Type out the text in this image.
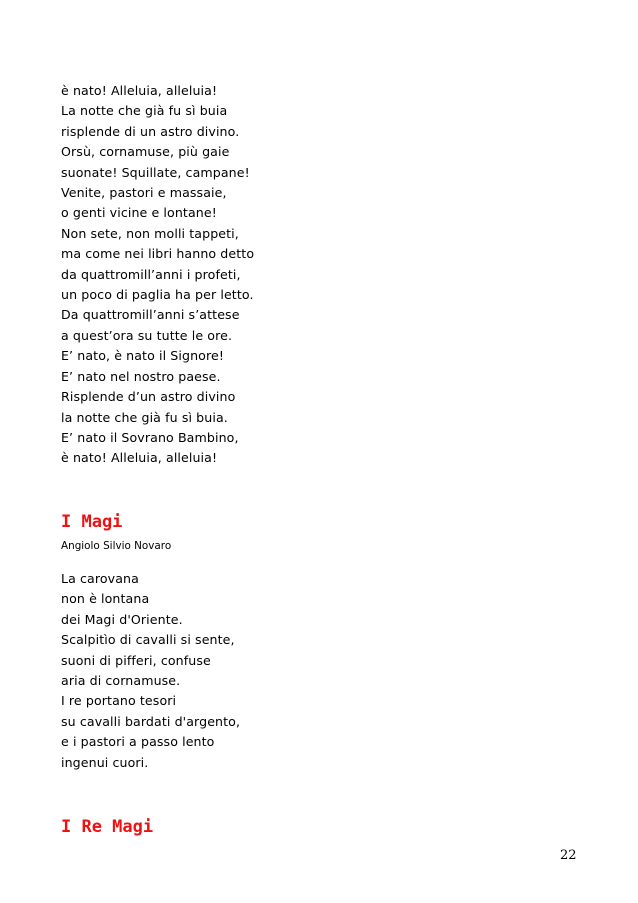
è nato! Alleluia, alleluia!
La notte che già fu sì buia
risplende di un astro divino.
Orsù, cornamuse, più gaie
suonate! Squillate, campane!
Venite, pastori e massaie,
o genti vicine e lontane!
Non sete, non molli tappeti,
ma come nei libri hanno detto
da quattromill’anni i profeti,
un poco di paglia ha per letto.
Da quattromill’anni s’attese
a quest’ora su tutte le ore.
E’ nato, è nato il Signore!
E’ nato nel nostro paese.
Risplende d’un astro divino
la notte che già fu sì buia.
E’ nato il Sovrano Bambino,
è nato! Alleluia, alleluia!
I Magi
Angiolo Silvio Novaro
La carovana
non è lontana
dei Magi d'Oriente.
Scalpitìo di cavalli si sente,
suoni di pifferi, confuse
aria di cornamuse.
I re portano tesori
su cavalli bardati d'argento,
e i pastori a passo lento
ingenui cuori.
I Re Magi
22
